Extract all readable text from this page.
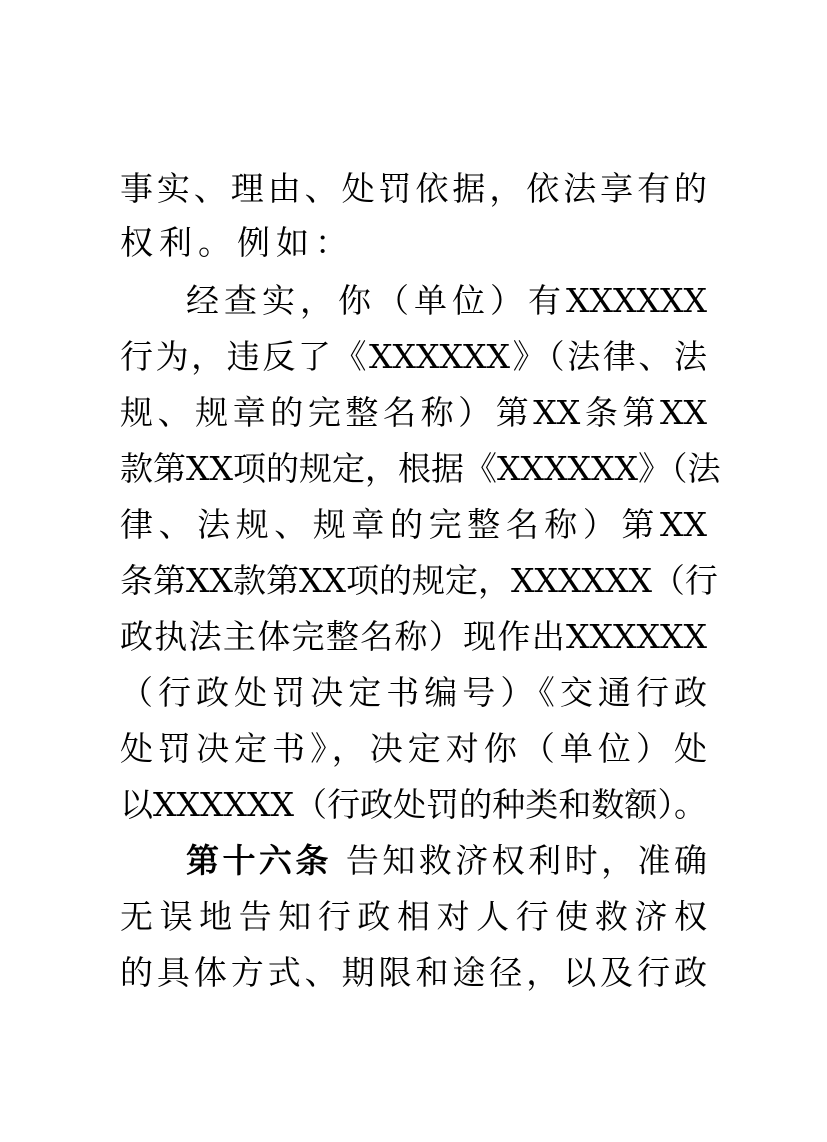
事实、理由、处罚依据，依法享有的
权利。例如：
经查实，你（单位）有XXXXXX
行为，违反了《XXXXXX》（法律、法
规、规章的完整名称）第XX条第XX
款第XX项的规定，根据《XXXXXX》（法
律、法规、规章的完整名称）第XX
条第XX款第XX项的规定，XXXXXX（行
政执法主体完整名称）现作出XXXXXX
（行政处罚决定书编号）《交通行政
处罚决定书》，决定对你（单位）处
以XXXXXX（行政处罚的种类和数额）。
第十六条 告知救济权利时，准确
无误地告知行政相对人行使救济权
的具体方式、期限和途径，以及行政
